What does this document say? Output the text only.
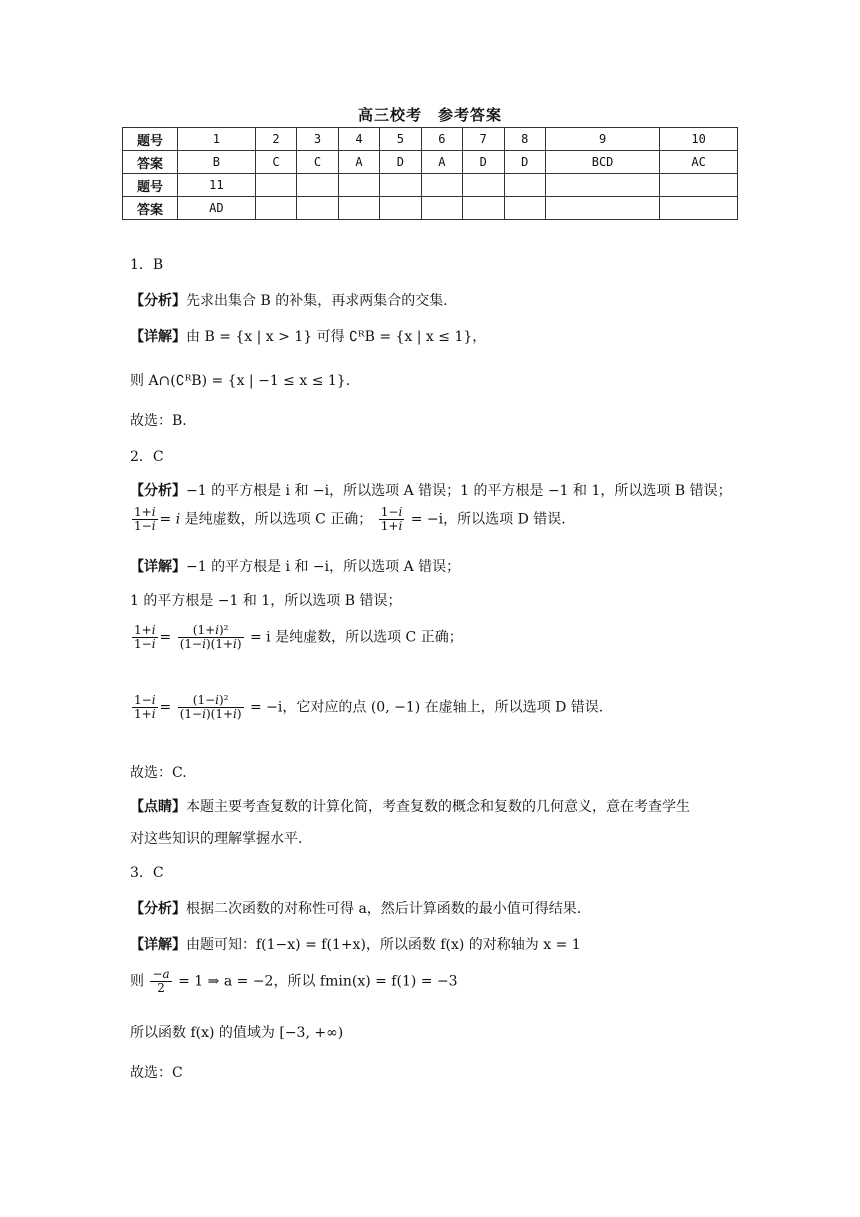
高三校考　参考答案
题号	1	2	3	4	5	6	7	8	9	10
答案	B	C	C	A	D	A	D	D	BCD	AC
题号	11									
答案	AD									
1．B
【分析】先求出集合 B 的补集，再求两集合的交集.
【详解】由 B = {x | x > 1} 可得 ∁ᴿB = {x | x ≤ 1}，
则 A∩(∁ᴿB) = {x | −1 ≤ x ≤ 1}.
故选：B.
2．C
【分析】−1 的平方根是 i 和 −i，所以选项 A 错误；1 的平方根是 −1 和 1，所以选项 B 错误；
$\frac{1+i}{1-i} = i$ 是纯虚数，所以选项 C 正确； $\frac{1-i}{1+i} = -i$，所以选项 D 错误.
【详解】−1 的平方根是 i 和 −i，所以选项 A 错误；
1 的平方根是 −1 和 1，所以选项 B 错误；
$\frac{1+i}{1-i} = \frac{\text{(1+i)²}}{(1-i)(1+i)} = i$ 是纯虚数，所以选项 C 正确；
$\frac{1-i}{1+i} = \frac{\text{(1−i)²}}{(1-i)(1+i)} = -i$，它对应的点 (0, −1) 在虚轴上，所以选项 D 错误.
故选：C.
【点睛】本题主要考查复数的计算化简，考查复数的概念和复数的几何意义，意在考查学生
对这些知识的理解掌握水平.
3．C
【分析】根据二次函数的对称性可得 a，然后计算函数的最小值可得结果.
【详解】由题可知：f(1−x) = f(1+x)，所以函数 f(x) 的对称轴为 x = 1
则 $\frac{-a}{2} = 1$ ⇒ a = −2，所以 fmin(x) = f(1) = −3
所以函数 f(x) 的值域为 [−3, +∞)
故选：C
